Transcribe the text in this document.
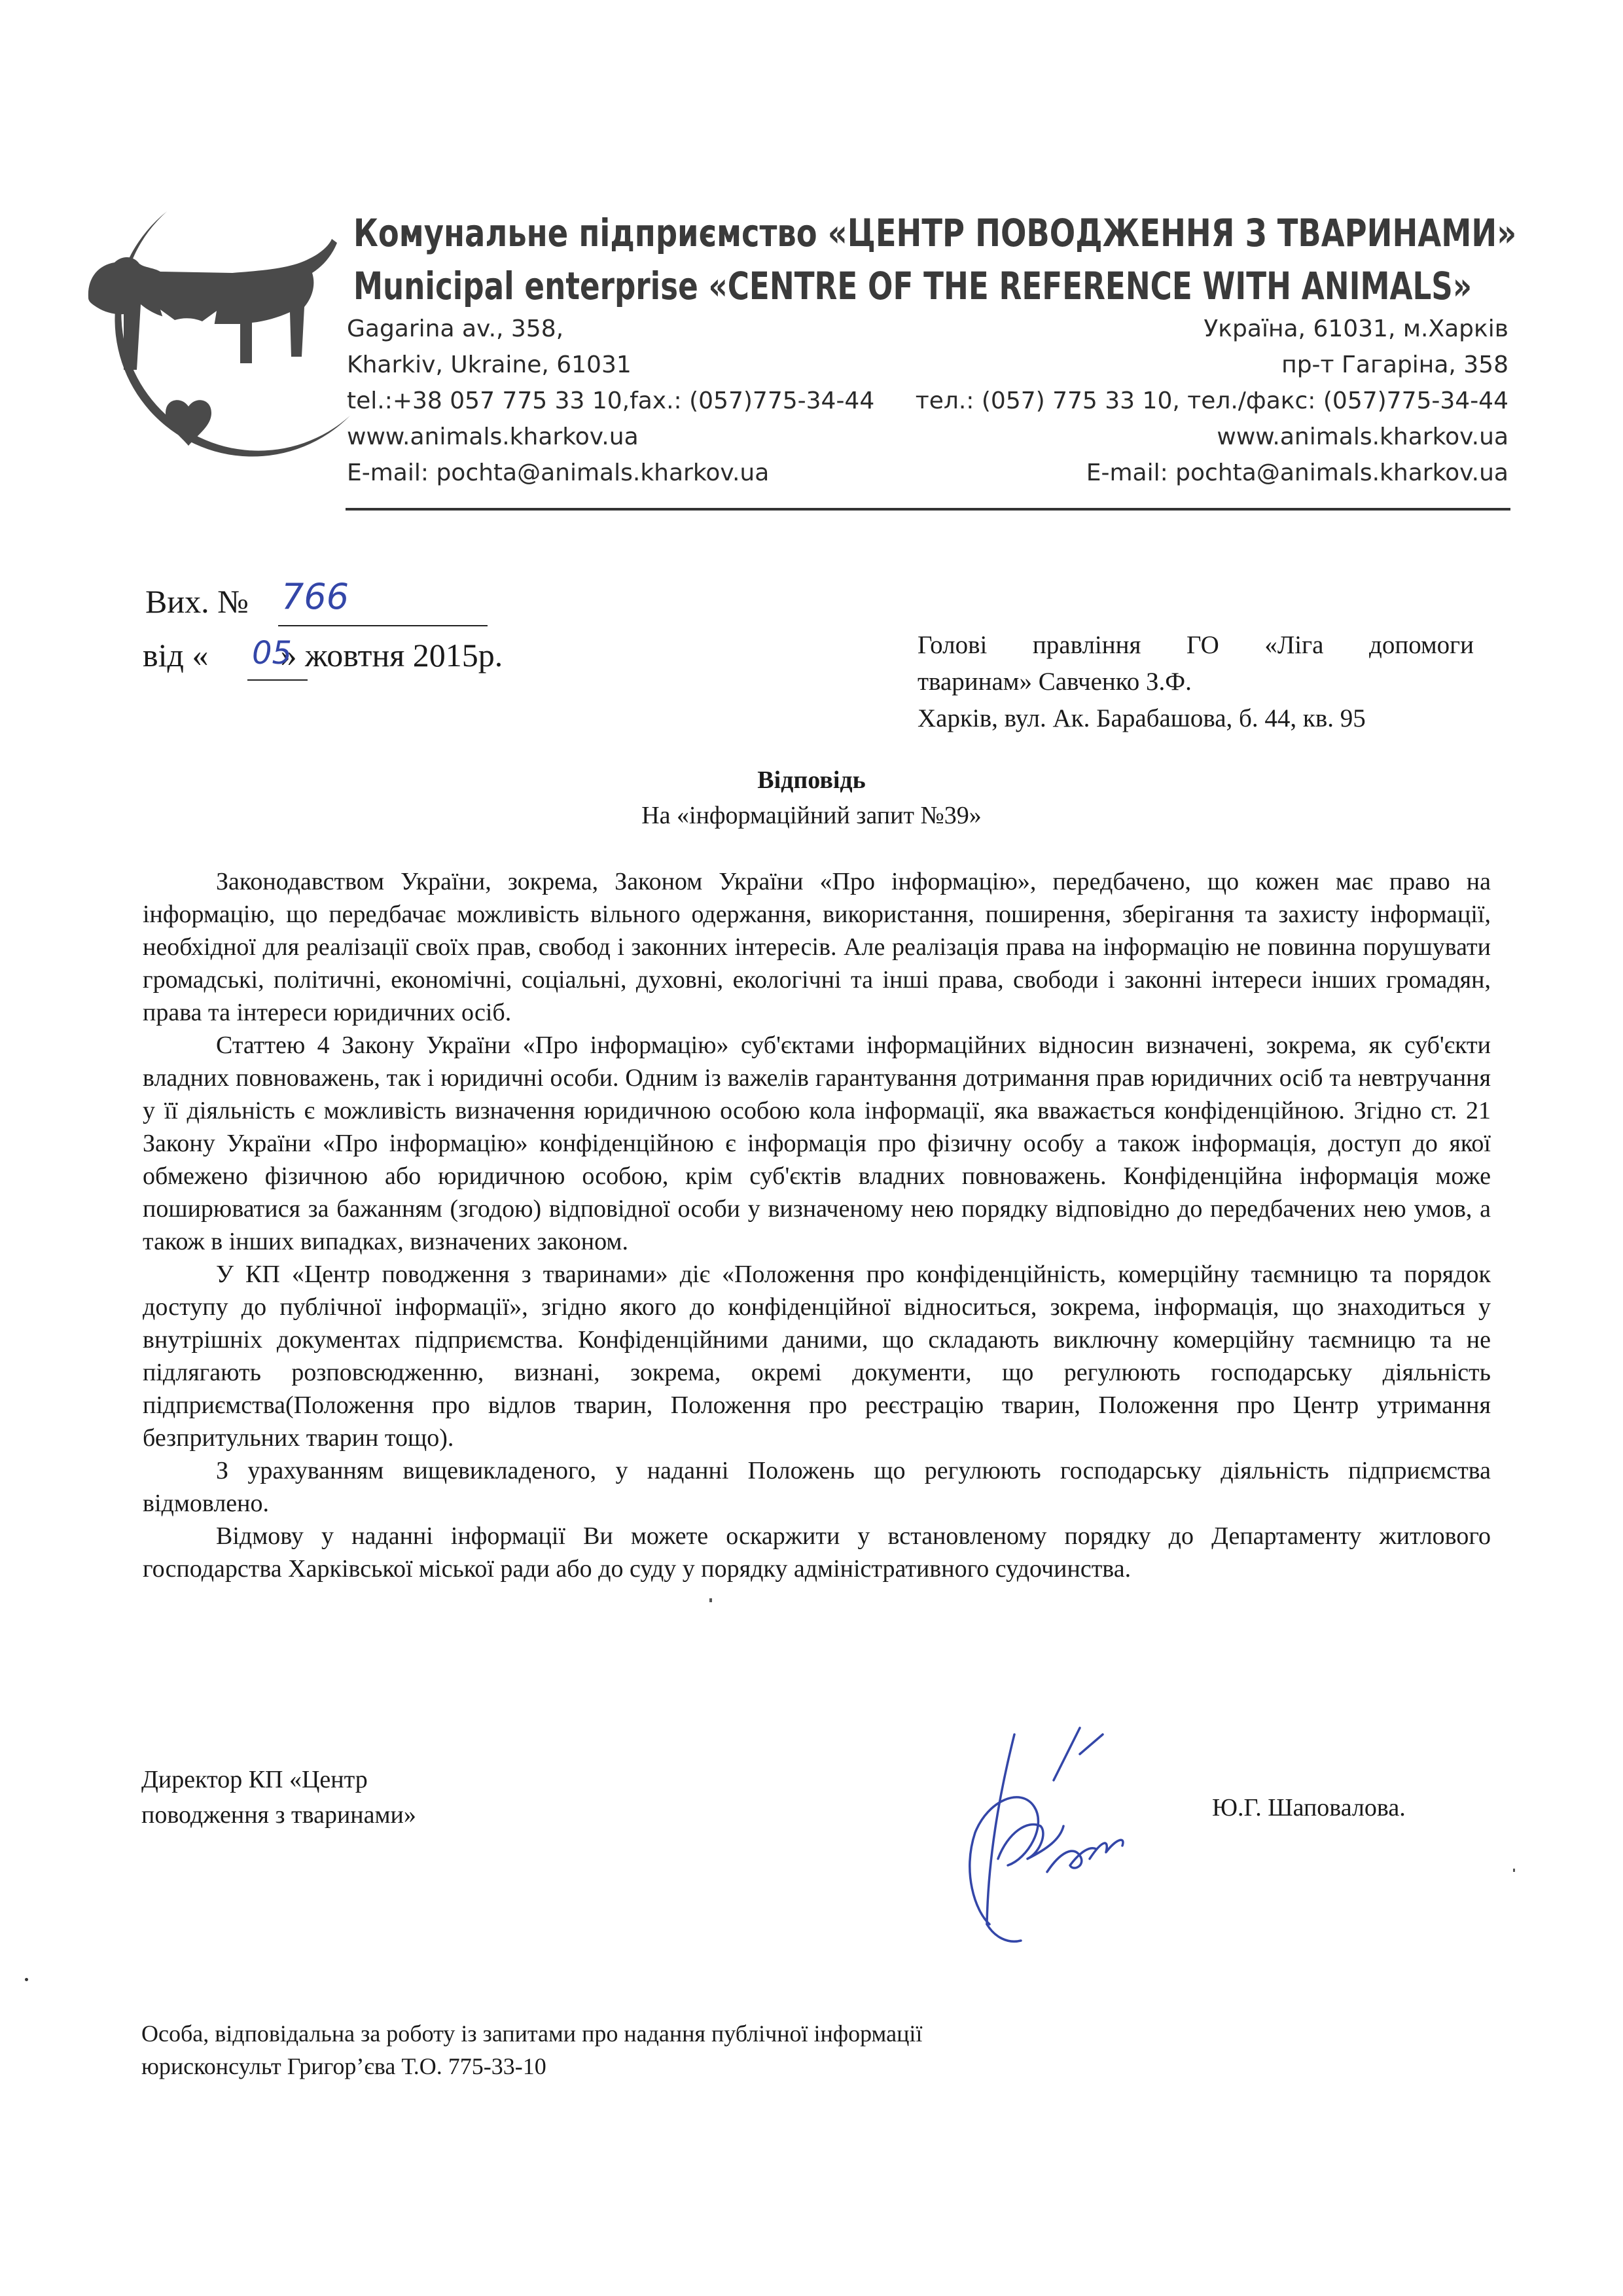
Комунальне підприємство «ЦЕНТР ПОВОДЖЕННЯ З ТВАРИНАМИ»
Municipal enterprise «CENTRE OF THE REFERENCE WITH ANIMALS»
Gagarina av., 358,
Kharkiv, Ukraine, 61031
tel.:+38 057 775 33 10,fax.: (057)775-34-44
www.animals.kharkov.ua
E-mail: pochta@animals.kharkov.ua
Україна, 61031, м.Харків
пр-т Гагаріна, 358
тел.: (057) 775 33 10, тел./факс: (057)775-34-44
www.animals.kharkov.ua
E-mail: pochta@animals.kharkov.ua
Вих. № 766
від « » жовтня 2015р.
05	Голові правління ГО «Ліга допомоги
тваринам» Савченко З.Ф.
Харків, вул. Ак. Барабашова, б. 44, кв. 95
Відповідь
На «інформаційний запит №39»

Законодавством України, зокрема, Законом України «Про інформацію», передбачено, що кожен має право на інформацію, що передбачає можливість вільного одержання, використання, поширення, зберігання та захисту інформації, необхідної для реалізації своїх прав, свобод і законних інтересів. Але реалізація права на інформацію не повинна порушувати громадські, політичні, економічні, соціальні, духовні, екологічні та інші права, свободи і законні інтереси інших громадян, права та інтереси юридичних осіб.

Статтею 4 Закону України «Про інформацію» суб'єктами інформаційних відносин визначені, зокрема, як суб'єкти владних повноважень, так і юридичні особи. Одним із важелів гарантування дотримання прав юридичних осіб та невтручання у її діяльність є можливість визначення юридичною особою кола інформації, яка вважається конфіденційною. Згідно ст. 21 Закону України «Про інформацію» конфіденційною є інформація про фізичну особу а також інформація, доступ до якої обмежено фізичною або юридичною особою, крім суб'єктів владних повноважень. Конфіденційна інформація може поширюватися за бажанням (згодою) відповідної особи у визначеному нею порядку відповідно до передбачених нею умов, а також в інших випадках, визначених законом.

У КП «Центр поводження з тваринами» діє «Положення про конфіденційність, комерційну таємницю та порядок доступу до публічної інформації», згідно якого до конфіденційної відноситься, зокрема, інформація, що знаходиться у внутрішніх документах підприємства. Конфіденційними даними, що складають виключну комерційну таємницю та не підлягають розповсюдженню, визнані, зокрема, окремі документи, що регулюють господарську діяльність підприємства(Положення про відлов тварин, Положення про реєстрацію тварин, Положення про Центр утримання безпритульних тварин тощо).

З урахуванням вищевикладеного, у наданні Положень що регулюють господарську діяльність підприємства відмовлено.

Відмову у наданні інформації Ви можете оскаржити у встановленому порядку до Департаменту житлового господарства Харківської міської ради або до суду у порядку адміністративного судочинства.

Директор КП «Центр
поводження з тваринами»	Ю.Г. Шаповалова.
Особа, відповідальна за роботу із запитами про надання публічної інформації
юрисконсульт Григор’єва Т.О. 775-33-10
